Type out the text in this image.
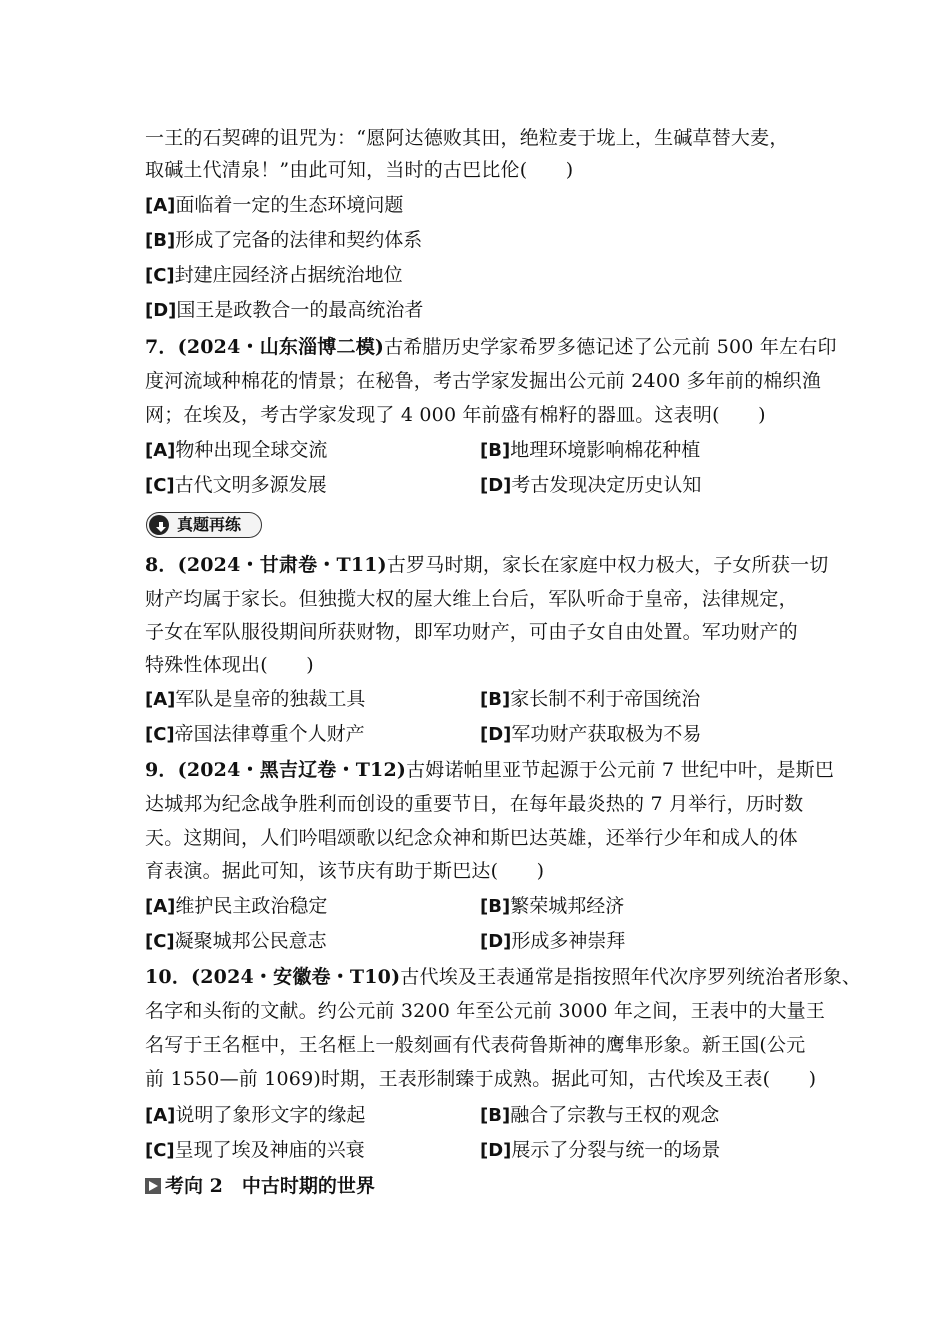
一王的石契碑的诅咒为：“愿阿达德败其田，绝粒麦于垅上，生碱草替大麦，
取碱土代清泉！”由此可知，当时的古巴比伦(　　)
[A]面临着一定的生态环境问题
[B]形成了完备的法律和契约体系
[C]封建庄园经济占据统治地位
[D]国王是政教合一的最高统治者
7．(2024・山东淄博二模)古希腊历史学家希罗多德记述了公元前 500 年左右印
度河流域种棉花的情景；在秘鲁，考古学家发掘出公元前 2400 多年前的棉织渔
网；在埃及，考古学家发现了 4 000 年前盛有棉籽的器皿。这表明(　　)
[A]物种出现全球交流	[B]地理环境影响棉花种植
[C]古代文明多源发展	[D]考古发现决定历史认知
真题再练
8．(2024・甘肃卷・T11)古罗马时期，家长在家庭中权力极大，子女所获一切
财产均属于家长。但独揽大权的屋大维上台后，军队听命于皇帝，法律规定，
子女在军队服役期间所获财物，即军功财产，可由子女自由处置。军功财产的
特殊性体现出(　　)
[A]军队是皇帝的独裁工具	[B]家长制不利于帝国统治
[C]帝国法律尊重个人财产	[D]军功财产获取极为不易
9．(2024・黑吉辽卷・T12)古姆诺帕里亚节起源于公元前 7 世纪中叶，是斯巴
达城邦为纪念战争胜利而创设的重要节日，在每年最炎热的 7 月举行，历时数
天。这期间，人们吟唱颂歌以纪念众神和斯巴达英雄，还举行少年和成人的体
育表演。据此可知，该节庆有助于斯巴达(　　)
[A]维护民主政治稳定	[B]繁荣城邦经济
[C]凝聚城邦公民意志	[D]形成多神崇拜
10．(2024・安徽卷・T10)古代埃及王表通常是指按照年代次序罗列统治者形象、
名字和头衔的文献。约公元前 3200 年至公元前 3000 年之间，王表中的大量王
名写于王名框中，王名框上一般刻画有代表荷鲁斯神的鹰隼形象。新王国(公元
前 1550—前 1069)时期，王表形制臻于成熟。据此可知，古代埃及王表(　　)
[A]说明了象形文字的缘起	[B]融合了宗教与王权的观念
[C]呈现了埃及神庙的兴衰	[D]展示了分裂与统一的场景
考向 2　中古时期的世界
